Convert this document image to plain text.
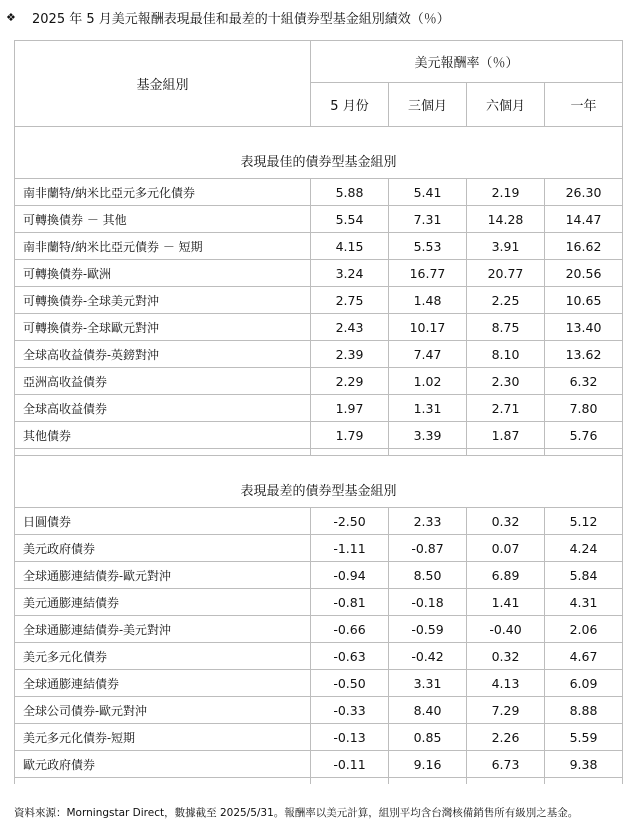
❖	2025 年 5 月美元報酬表現最佳和最差的十組債券型基金組別績效（％）
基金組別	美元報酬率（％）			
	5 月份	三個月	六個月	一年
表現最佳的債券型基金組別				
南非蘭特/納米比亞元多元化債券	5.88	5.41	2.19	26.30
可轉換債券 － 其他	5.54	7.31	14.28	14.47
南非蘭特/納米比亞元債券 － 短期	4.15	5.53	3.91	16.62
可轉換債券-歐洲	3.24	16.77	20.77	20.56
可轉換債券-全球美元對沖	2.75	1.48	2.25	10.65
可轉換債券-全球歐元對沖	2.43	10.17	8.75	13.40
全球高收益債券-英鎊對沖	2.39	7.47	8.10	13.62
亞洲高收益債券	2.29	1.02	2.30	6.32
全球高收益債券	1.97	1.31	2.71	7.80
其他債券	1.79	3.39	1.87	5.76

表現最差的債券型基金組別				
日圓債券	-2.50	2.33	0.32	5.12
美元政府債券	-1.11	-0.87	0.07	4.24
全球通膨連結債券-歐元對沖	-0.94	8.50	6.89	5.84
美元通膨連結債券	-0.81	-0.18	1.41	4.31
全球通膨連結債券-美元對沖	-0.66	-0.59	-0.40	2.06
美元多元化債券	-0.63	-0.42	0.32	4.67
全球通膨連結債券	-0.50	3.31	4.13	6.09
全球公司債券-歐元對沖	-0.33	8.40	7.29	8.88
美元多元化債券-短期	-0.13	0.85	2.26	5.59
歐元政府債券	-0.11	9.16	6.73	9.38

資料來源：Morningstar Direct，數據截至 2025/5/31。報酬率以美元計算，組別平均含台灣核備銷售所有級別之基金。
